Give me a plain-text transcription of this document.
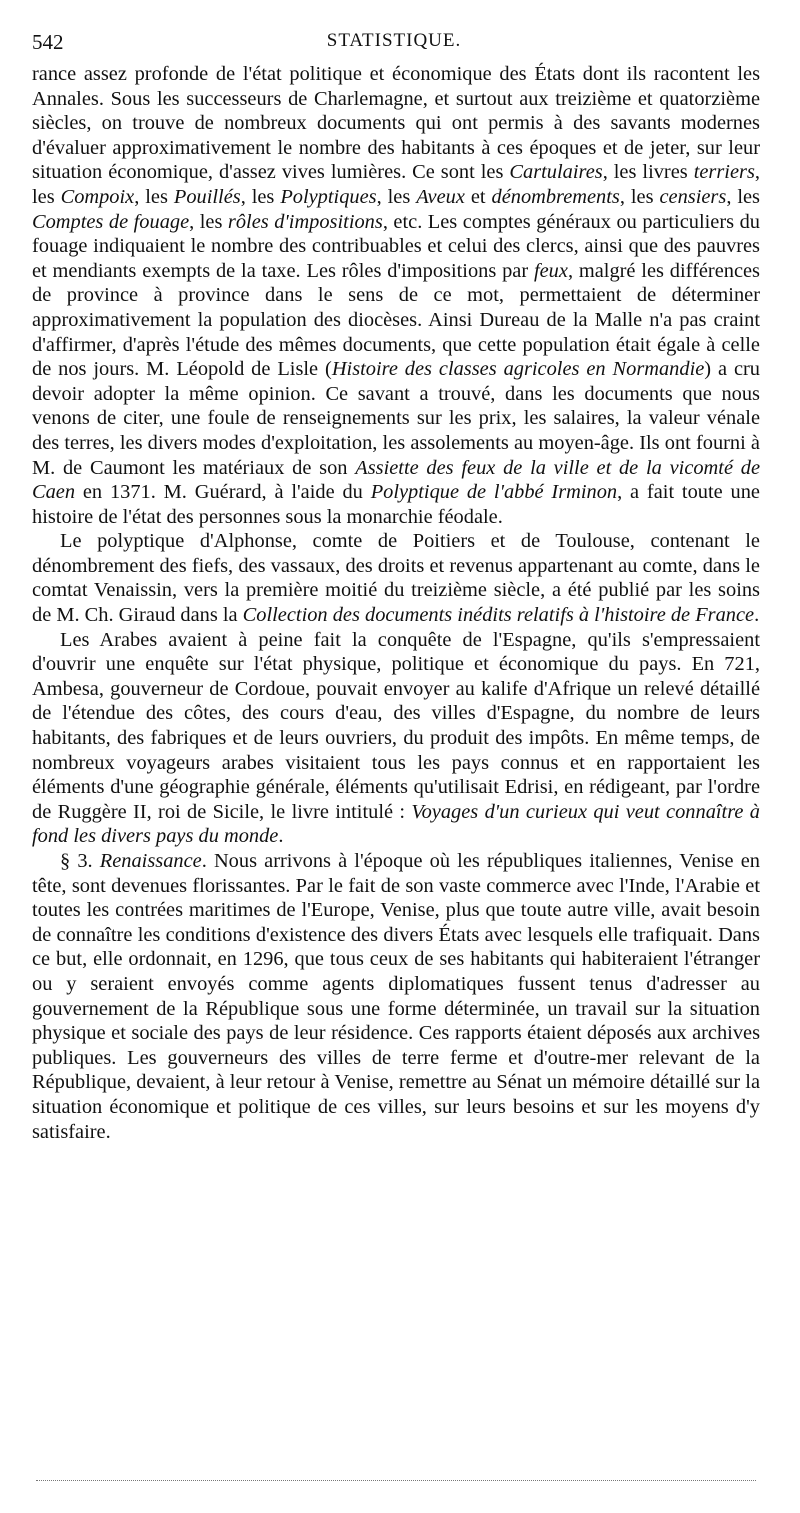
542	STATISTIQUE.

rance assez profonde de l'état politique et économique des États dont ils racontent les Annales. Sous les successeurs de Charlemagne, et surtout aux treizième et quatorzième siècles, on trouve de nombreux documents qui ont permis à des savants modernes d'évaluer approximativement le nombre des habitants à ces époques et de jeter, sur leur situation économique, d'assez vives lumières. Ce sont les Cartulaires, les livres terriers, les Compoix, les Pouillés, les Polyptiques, les Aveux et dénombrements, les censiers, les Comptes de fouage, les rôles d'impositions, etc. Les comptes généraux ou particuliers du fouage indiquaient le nombre des contribuables et celui des clercs, ainsi que des pauvres et mendiants exempts de la taxe. Les rôles d'impositions par feux, malgré les différences de province à province dans le sens de ce mot, permettaient de déterminer approximativement la population des diocèses. Ainsi Dureau de la Malle n'a pas craint d'affirmer, d'après l'étude des mêmes documents, que cette population était égale à celle de nos jours. M. Léopold de Lisle (Histoire des classes agricoles en Normandie) a cru devoir adopter la même opinion. Ce savant a trouvé, dans les documents que nous venons de citer, une foule de renseignements sur les prix, les salaires, la valeur vénale des terres, les divers modes d'exploitation, les assolements au moyen-âge. Ils ont fourni à M. de Caumont les matériaux de son Assiette des feux de la ville et de la vicomté de Caen en 1371. M. Guérard, à l'aide du Polyptique de l'abbé Irminon, a fait toute une histoire de l'état des personnes sous la monarchie féodale.

Le polyptique d'Alphonse, comte de Poitiers et de Toulouse, contenant le dénombrement des fiefs, des vassaux, des droits et revenus appartenant au comte, dans le comtat Venaissin, vers la première moitié du treizième siècle, a été publié par les soins de M. Ch. Giraud dans la Collection des documents inédits relatifs à l'histoire de France.

Les Arabes avaient à peine fait la conquête de l'Espagne, qu'ils s'empressaient d'ouvrir une enquête sur l'état physique, politique et économique du pays. En 721, Ambesa, gouverneur de Cordoue, pouvait envoyer au kalife d'Afrique un relevé détaillé de l'étendue des côtes, des cours d'eau, des villes d'Espagne, du nombre de leurs habitants, des fabriques et de leurs ouvriers, du produit des impôts. En même temps, de nombreux voyageurs arabes visitaient tous les pays connus et en rapportaient les éléments d'une géographie générale, éléments qu'utilisait Edrisi, en rédigeant, par l'ordre de Ruggère II, roi de Sicile, le livre intitulé : Voyages d'un curieux qui veut connaître à fond les divers pays du monde.

§ 3. Renaissance. Nous arrivons à l'époque où les républiques italiennes, Venise en tête, sont devenues florissantes. Par le fait de son vaste commerce avec l'Inde, l'Arabie et toutes les contrées maritimes de l'Europe, Venise, plus que toute autre ville, avait besoin de connaître les conditions d'existence des divers États avec lesquels elle trafiquait. Dans ce but, elle ordonnait, en 1296, que tous ceux de ses habitants qui habiteraient l'étranger ou y seraient envoyés comme agents diplomatiques fussent tenus d'adresser au gouvernement de la République sous une forme déterminée, un travail sur la situation physique et sociale des pays de leur résidence. Ces rapports étaient déposés aux archives publiques. Les gouverneurs des villes de terre ferme et d'outre-mer relevant de la République, devaient, à leur retour à Venise, remettre au Sénat un mémoire détaillé sur la situation économique et politique de ces villes, sur leurs besoins et sur les moyens d'y satisfaire.
